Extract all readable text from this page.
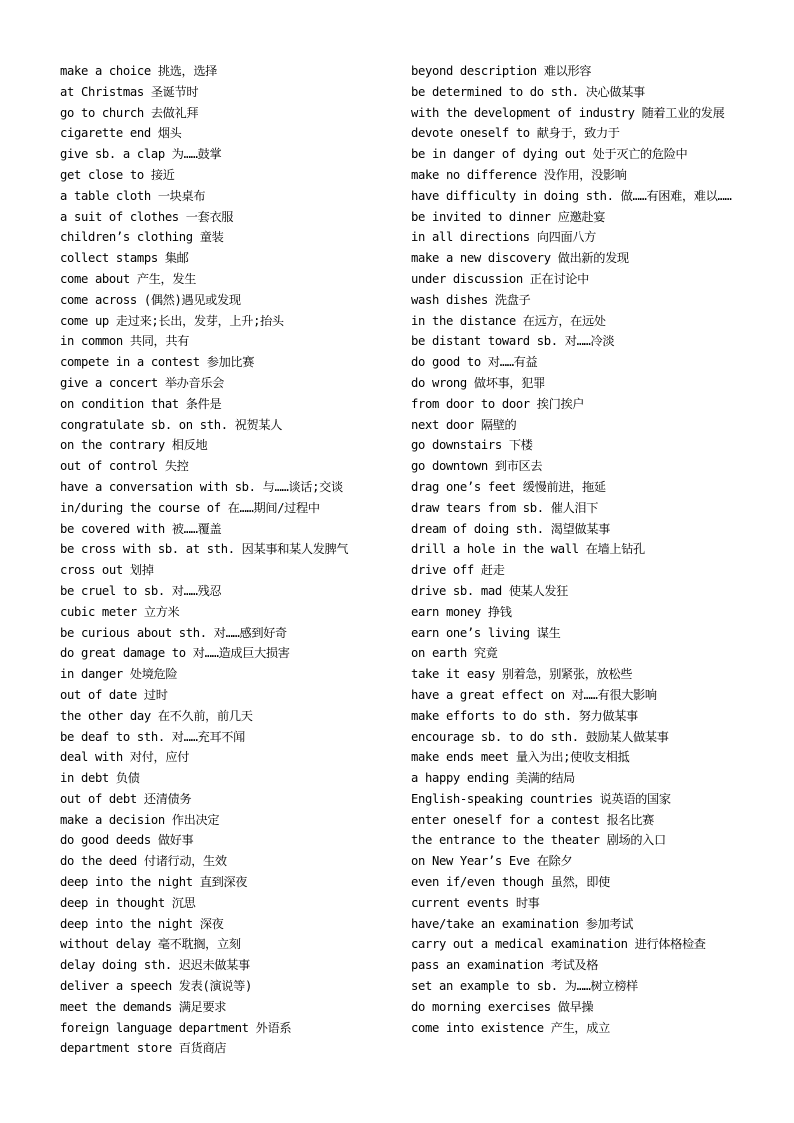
make a choice 挑选，选择
at Christmas 圣诞节时
go to church 去做礼拜
cigarette end 烟头
give sb. a clap 为……鼓掌
get close to 接近
a table cloth 一块桌布
a suit of clothes 一套衣服
children’s clothing 童装
collect stamps 集邮
come about 产生，发生
come across (偶然)遇见或发现
come up 走过来;长出，发芽，上升;抬头
in common 共同，共有
compete in a contest 参加比赛
give a concert 举办音乐会
on condition that 条件是
congratulate sb. on sth. 祝贺某人
on the contrary 相反地
out of control 失控
have a conversation with sb. 与……谈话;交谈
in/during the course of 在……期间/过程中
be covered with 被……覆盖
be cross with sb. at sth. 因某事和某人发脾气
cross out 划掉
be cruel to sb. 对……残忍
cubic meter 立方米
be curious about sth. 对……感到好奇
do great damage to 对……造成巨大损害
in danger 处境危险
out of date 过时
the other day 在不久前，前几天
be deaf to sth. 对……充耳不闻
deal with 对付，应付
in debt 负债
out of debt 还清债务
make a decision 作出决定
do good deeds 做好事
do the deed 付诸行动，生效
deep into the night 直到深夜
deep in thought 沉思
deep into the night 深夜
without delay 毫不耽搁，立刻
delay doing sth. 迟迟未做某事
deliver a speech 发表(演说等)
meet the demands 满足要求
foreign language department 外语系
department store 百货商店
beyond description 难以形容
be determined to do sth. 决心做某事
with the development of industry 随着工业的发展
devote oneself to 献身于，致力于
be in danger of dying out 处于灭亡的危险中
make no difference 没作用，没影响
have difficulty in doing sth. 做……有困难，难以……
be invited to dinner 应邀赴宴
in all directions 向四面八方
make a new discovery 做出新的发现
under discussion 正在讨论中
wash dishes 洗盘子
in the distance 在远方，在远处
be distant toward sb. 对……冷淡
do good to 对……有益
do wrong 做坏事，犯罪
from door to door 挨门挨户
next door 隔壁的
go downstairs 下楼
go downtown 到市区去
drag one’s feet 缓慢前进，拖延
draw tears from sb. 催人泪下
dream of doing sth. 渴望做某事
drill a hole in the wall 在墙上钻孔
drive off 赶走
drive sb. mad 使某人发狂
earn money 挣钱
earn one’s living 谋生
on earth 究竟
take it easy 别着急，别紧张，放松些
have a great effect on 对……有很大影响
make efforts to do sth. 努力做某事
encourage sb. to do sth. 鼓励某人做某事
make ends meet 量入为出;使收支相抵
a happy ending 美满的结局
English-speaking countries 说英语的国家
enter oneself for a contest 报名比赛
the entrance to the theater 剧场的入口
on New Year’s Eve 在除夕
even if/even though 虽然，即使
current events 时事
have/take an examination 参加考试
carry out a medical examination 进行体格检查
pass an examination 考试及格
set an example to sb. 为……树立榜样
do morning exercises 做早操
come into existence 产生，成立
